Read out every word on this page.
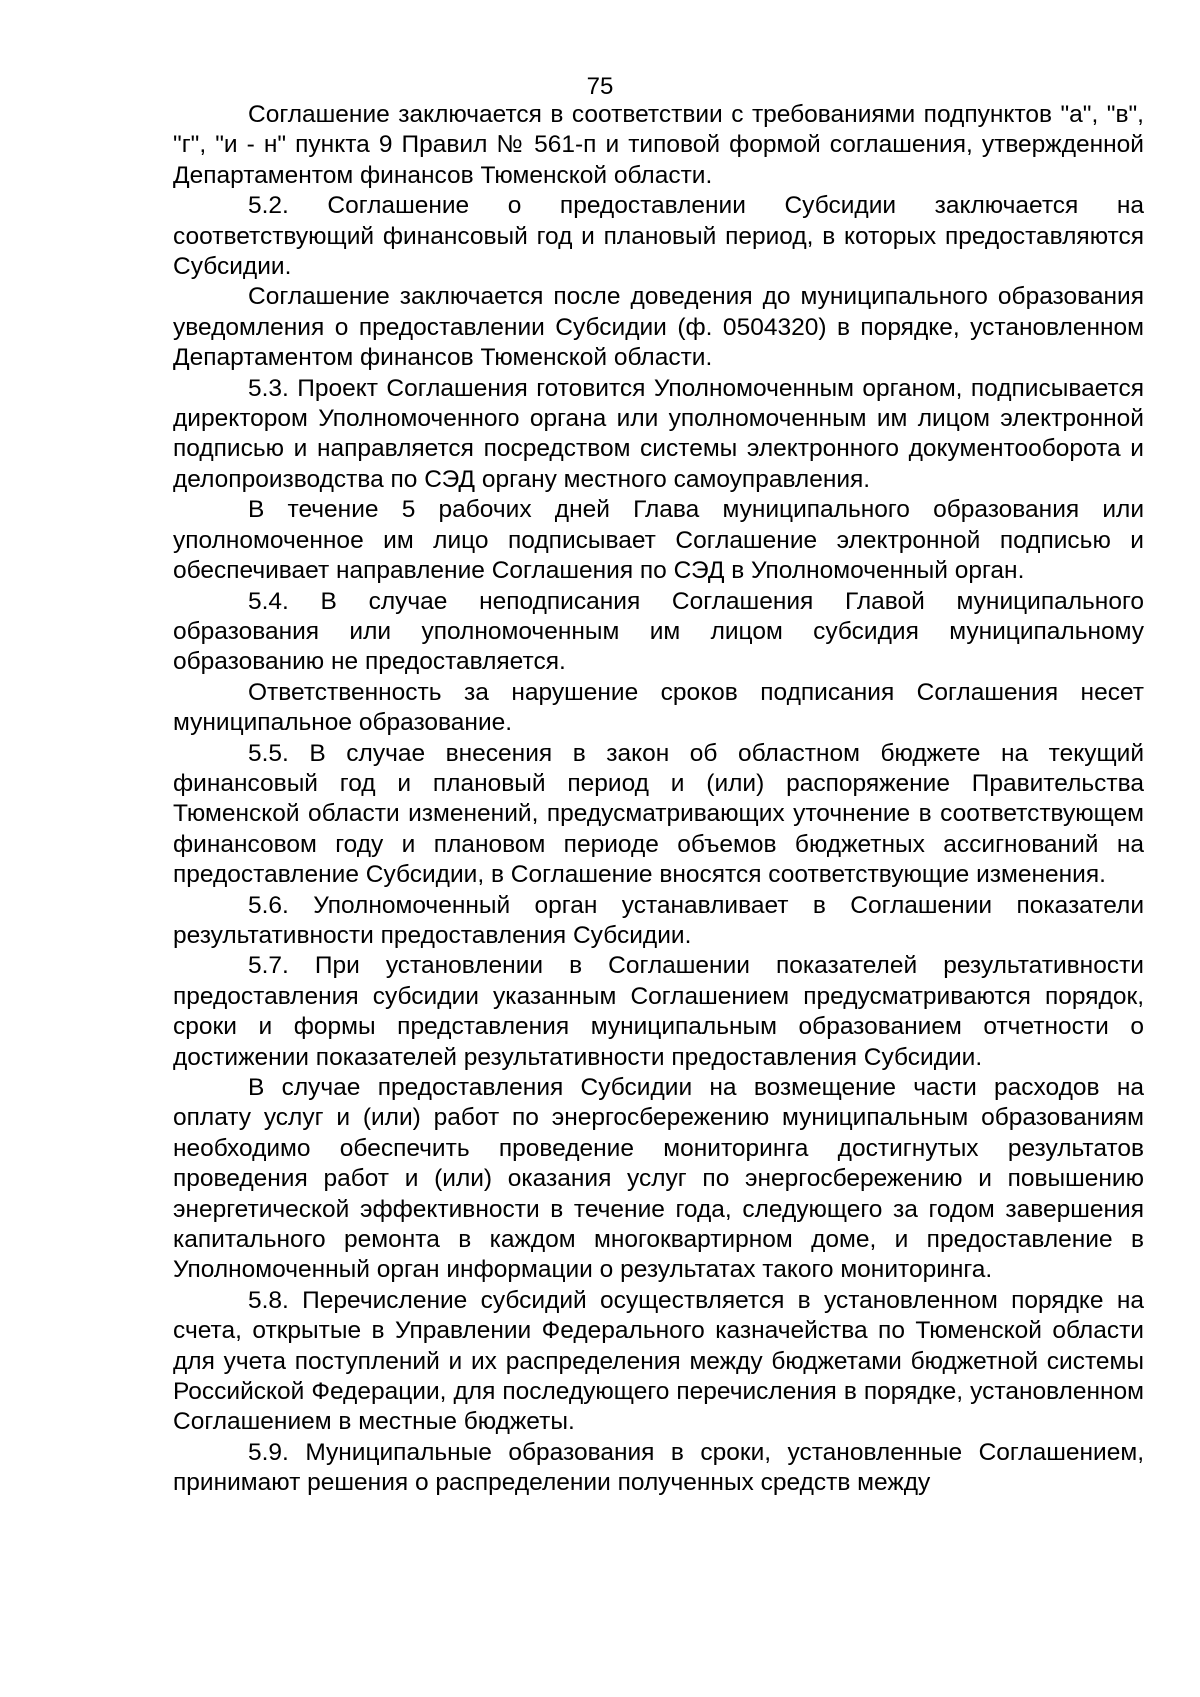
75

Соглашение заключается в соответствии с требованиями подпунктов "а", "в", "г", "и - н" пункта 9 Правил № 561-п и типовой формой соглашения, утвержденной Департаментом финансов Тюменской области.

5.2. Соглашение о предоставлении Субсидии заключается на соответствующий финансовый год и плановый период, в которых предоставляются Субсидии.

Соглашение заключается после доведения до муниципального образования уведомления о предоставлении Субсидии (ф. 0504320) в порядке, установленном Департаментом финансов Тюменской области.

5.3. Проект Соглашения готовится Уполномоченным органом, подписывается директором Уполномоченного органа или уполномоченным им лицом электронной подписью и направляется посредством системы электронного документооборота и делопроизводства по СЭД органу местного самоуправления.

В течение 5 рабочих дней Глава муниципального образования или уполномоченное им лицо подписывает Соглашение электронной подписью и обеспечивает направление Соглашения по СЭД в Уполномоченный орган.

5.4. В случае неподписания Соглашения Главой муниципального образования или уполномоченным им лицом субсидия муниципальному образованию не предоставляется.

Ответственность за нарушение сроков подписания Соглашения несет муниципальное образование.

5.5. В случае внесения в закон об областном бюджете на текущий финансовый год и плановый период и (или) распоряжение Правительства Тюменской области изменений, предусматривающих уточнение в соответствующем финансовом году и плановом периоде объемов бюджетных ассигнований на предоставление Субсидии, в Соглашение вносятся соответствующие изменения.

5.6. Уполномоченный орган устанавливает в Соглашении показатели результативности предоставления Субсидии.

5.7. При установлении в Соглашении показателей результативности предоставления субсидии указанным Соглашением предусматриваются порядок, сроки и формы представления муниципальным образованием отчетности о достижении показателей результативности предоставления Субсидии.

В случае предоставления Субсидии на возмещение части расходов на оплату услуг и (или) работ по энергосбережению муниципальным образованиям необходимо обеспечить проведение мониторинга достигнутых результатов проведения работ и (или) оказания услуг по энергосбережению и повышению энергетической эффективности в течение года, следующего за годом завершения капитального ремонта в каждом многоквартирном доме, и предоставление в Уполномоченный орган информации о результатах такого мониторинга.

5.8. Перечисление субсидий осуществляется в установленном порядке на счета, открытые в Управлении Федерального казначейства по Тюменской области для учета поступлений и их распределения между бюджетами бюджетной системы Российской Федерации, для последующего перечисления в порядке, установленном Соглашением в местные бюджеты.

5.9. Муниципальные образования в сроки, установленные Соглашением, принимают решения о распределении полученных средств между
